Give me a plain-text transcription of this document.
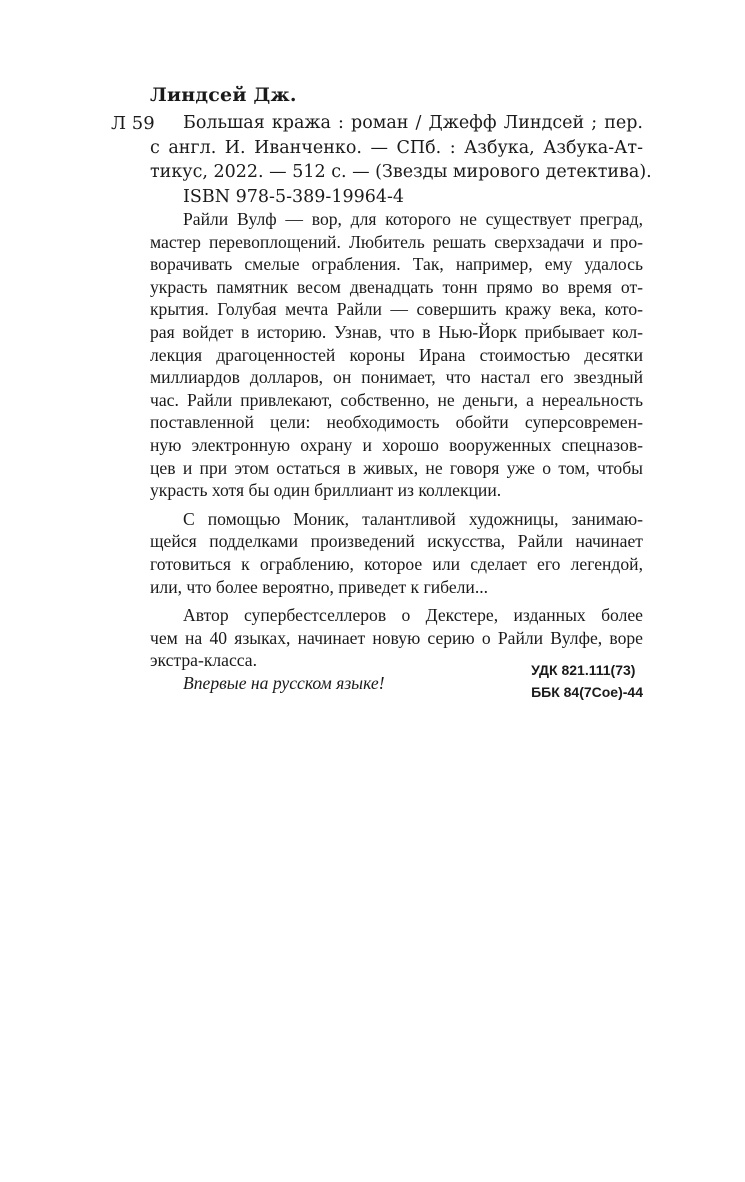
Линдсей Дж.
Л 59	Большая кража : роман / Джефф Линдсей ; пер.
с англ. И. Иванченко. — СПб. : Азбука, Азбука-Ат-
тикус, 2022. — 512 с. — (Звезды мирового детектива).
ISBN 978-5-389-19964-4
Райли Вулф — вор, для которого не существует преград,
мастер перевоплощений. Любитель решать сверхзадачи и про-
ворачивать смелые ограбления. Так, например, ему удалось
украсть памятник весом двенадцать тонн прямо во время от-
крытия. Голубая мечта Райли — совершить кражу века, кото-
рая войдет в историю. Узнав, что в Нью-Йорк прибывает кол-
лекция драгоценностей короны Ирана стоимостью десятки
миллиардов долларов, он понимает, что настал его звездный
час. Райли привлекают, собственно, не деньги, а нереальность
поставленной цели: необходимость обойти суперсовремен-
ную электронную охрану и хорошо вооруженных спецназов-
цев и при этом остаться в живых, не говоря уже о том, чтобы
украсть хотя бы один бриллиант из коллекции.
С помощью Моник, талантливой художницы, занимаю-
щейся подделками произведений искусства, Райли начинает
готовиться к ограблению, которое или сделает его легендой,
или, что более вероятно, приведет к гибели...
Автор супербестселлеров о Декстере, изданных более
чем на 40 языках, начинает новую серию о Райли Вулфе, воре
экстра-класса.
Впервые на русском языке!
УДК 821.111(73)
ББК 84(7Сое)-44
